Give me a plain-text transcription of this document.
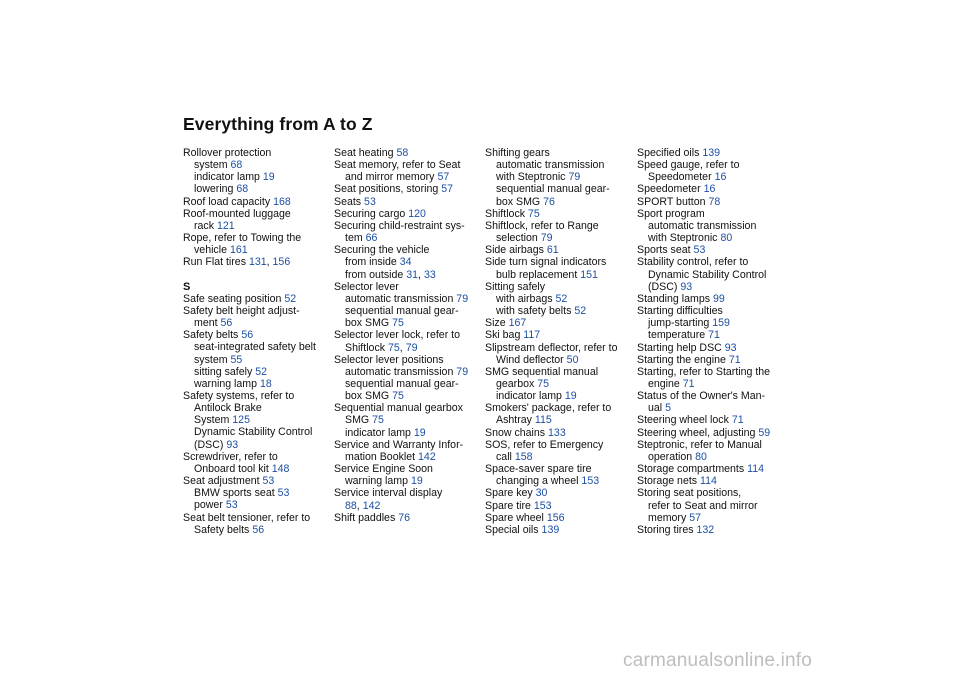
Everything from A to Z
Rollover protection
system 68
indicator lamp 19
lowering 68
Roof load capacity 168
Roof-mounted luggage
rack 121
Rope, refer to Towing the
vehicle 161
Run Flat tires 131, 156
S
Safe seating position 52
Safety belt height adjust-
ment 56
Safety belts 56
seat-integrated safety belt
system 55
sitting safely 52
warning lamp 18
Safety systems, refer to
Antilock Brake
System 125
Dynamic Stability Control
(DSC) 93
Screwdriver, refer to
Onboard tool kit 148
Seat adjustment 53
BMW sports seat 53
power 53
Seat belt tensioner, refer to
Safety belts 56
Seat heating 58
Seat memory, refer to Seat
and mirror memory 57
Seat positions, storing 57
Seats 53
Securing cargo 120
Securing child-restraint sys-
tem 66
Securing the vehicle
from inside 34
from outside 31, 33
Selector lever
automatic transmission 79
sequential manual gear-
box SMG 75
Selector lever lock, refer to
Shiftlock 75, 79
Selector lever positions
automatic transmission 79
sequential manual gear-
box SMG 75
Sequential manual gearbox
SMG 75
indicator lamp 19
Service and Warranty Infor-
mation Booklet 142
Service Engine Soon
warning lamp 19
Service interval display
88, 142
Shift paddles 76
Shifting gears
automatic transmission
with Steptronic 79
sequential manual gear-
box SMG 76
Shiftlock 75
Shiftlock, refer to Range
selection 79
Side airbags 61
Side turn signal indicators
bulb replacement 151
Sitting safely
with airbags 52
with safety belts 52
Size 167
Ski bag 117
Slipstream deflector, refer to
Wind deflector 50
SMG sequential manual
gearbox 75
indicator lamp 19
Smokers' package, refer to
Ashtray 115
Snow chains 133
SOS, refer to Emergency
call 158
Space-saver spare tire
changing a wheel 153
Spare key 30
Spare tire 153
Spare wheel 156
Special oils 139
Specified oils 139
Speed gauge, refer to
Speedometer 16
Speedometer 16
SPORT button 78
Sport program
automatic transmission
with Steptronic 80
Sports seat 53
Stability control, refer to
Dynamic Stability Control
(DSC) 93
Standing lamps 99
Starting difficulties
jump-starting 159
temperature 71
Starting help DSC 93
Starting the engine 71
Starting, refer to Starting the
engine 71
Status of the Owner's Man-
ual 5
Steering wheel lock 71
Steering wheel, adjusting 59
Steptronic, refer to Manual
operation 80
Storage compartments 114
Storage nets 114
Storing seat positions,
refer to Seat and mirror
memory 57
Storing tires 132
carmanualsonline.info
